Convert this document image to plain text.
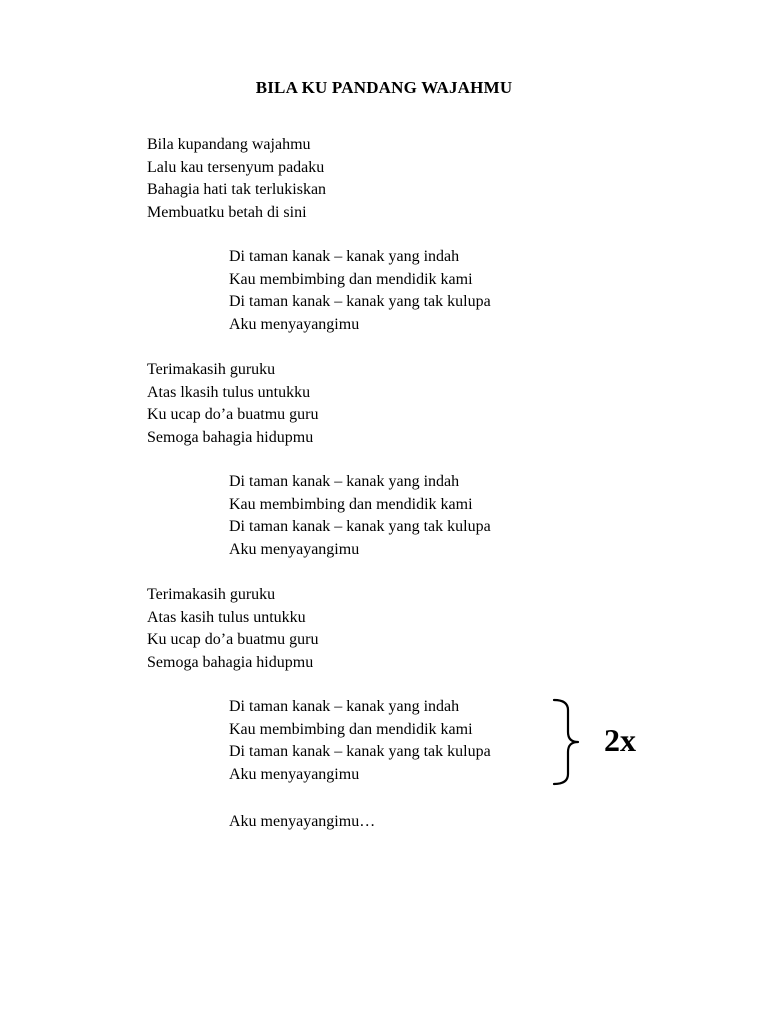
BILA KU PANDANG WAJAHMU
Bila kupandang wajahmu
Lalu kau tersenyum padaku
Bahagia hati tak terlukiskan
Membuatku betah di sini
Di taman kanak – kanak yang indah
Kau membimbing dan mendidik kami
Di taman kanak – kanak yang tak kulupa
Aku menyayangimu
Terimakasih guruku
Atas lkasih tulus untukku
Ku ucap do’a buatmu guru
Semoga bahagia hidupmu
Di taman kanak – kanak yang indah
Kau membimbing dan mendidik kami
Di taman kanak – kanak yang tak kulupa
Aku menyayangimu
Terimakasih guruku
Atas kasih tulus untukku
Ku ucap do’a buatmu guru
Semoga bahagia hidupmu
Di taman kanak – kanak yang indah
Kau membimbing dan mendidik kami
Di taman kanak – kanak yang tak kulupa
Aku menyayangimu
2x
Aku menyayangimu…
